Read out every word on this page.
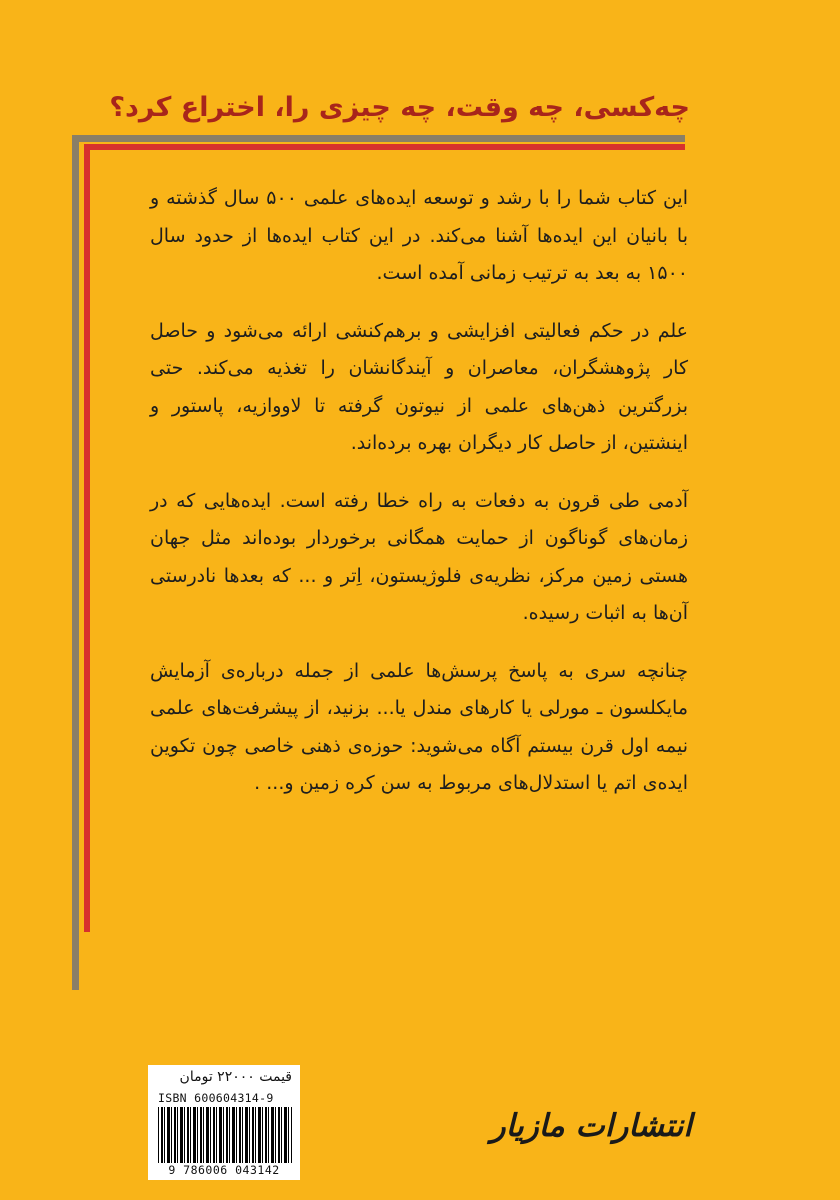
چه‌کسی، چه وقت، چه چیزی را، اختراع کرد؟

این کتاب شما را با رشد و توسعه ایده‌های علمی ۵۰۰ سال گذشته و با بانیان این ایده‌ها آشنا می‌کند. در این کتاب ایده‌ها از حدود سال ۱۵۰۰ به بعد به ترتیب زمانی آمده است.

علم در حکم فعالیتی افزایشی و برهم‌کنشی ارائه می‌شود و حاصل کار پژوهشگران، معاصران و آیندگانشان را تغذیه می‌کند. حتی بزرگترین ذهن‌های علمی از نیوتون گرفته تا لاووازیه، پاستور و اینشتین، از حاصل کار دیگران بهره برده‌اند.

آدمی طی قرون به دفعات به راه خطا رفته است. ایده‌هایی که در زمان‌های گوناگون از حمایت همگانی برخوردار بوده‌اند مثل جهان هستی زمین مرکز، نظریه‌ی فلوژیستون، اِتر و ... که بعدها نادرستی آن‌ها به اثبات رسیده.

چنانچه سری به پاسخ پرسش‌ها علمی از جمله درباره‌ی آزمایش مایکلسون ـ مورلی یا کارهای مندل یا... بزنید، از پیشرفت‌های علمی نیمه اول قرن بیستم آگاه می‌شوید: حوزه‌ی ذهنی خاصی چون تکوین ایده‌ی اتم یا استدلال‌های مربوط به سن کره زمین و... .

قیمت ۲۲۰۰۰ تومان
ISBN 600604314-9
9 786006 043142
انتشارات مازیار
